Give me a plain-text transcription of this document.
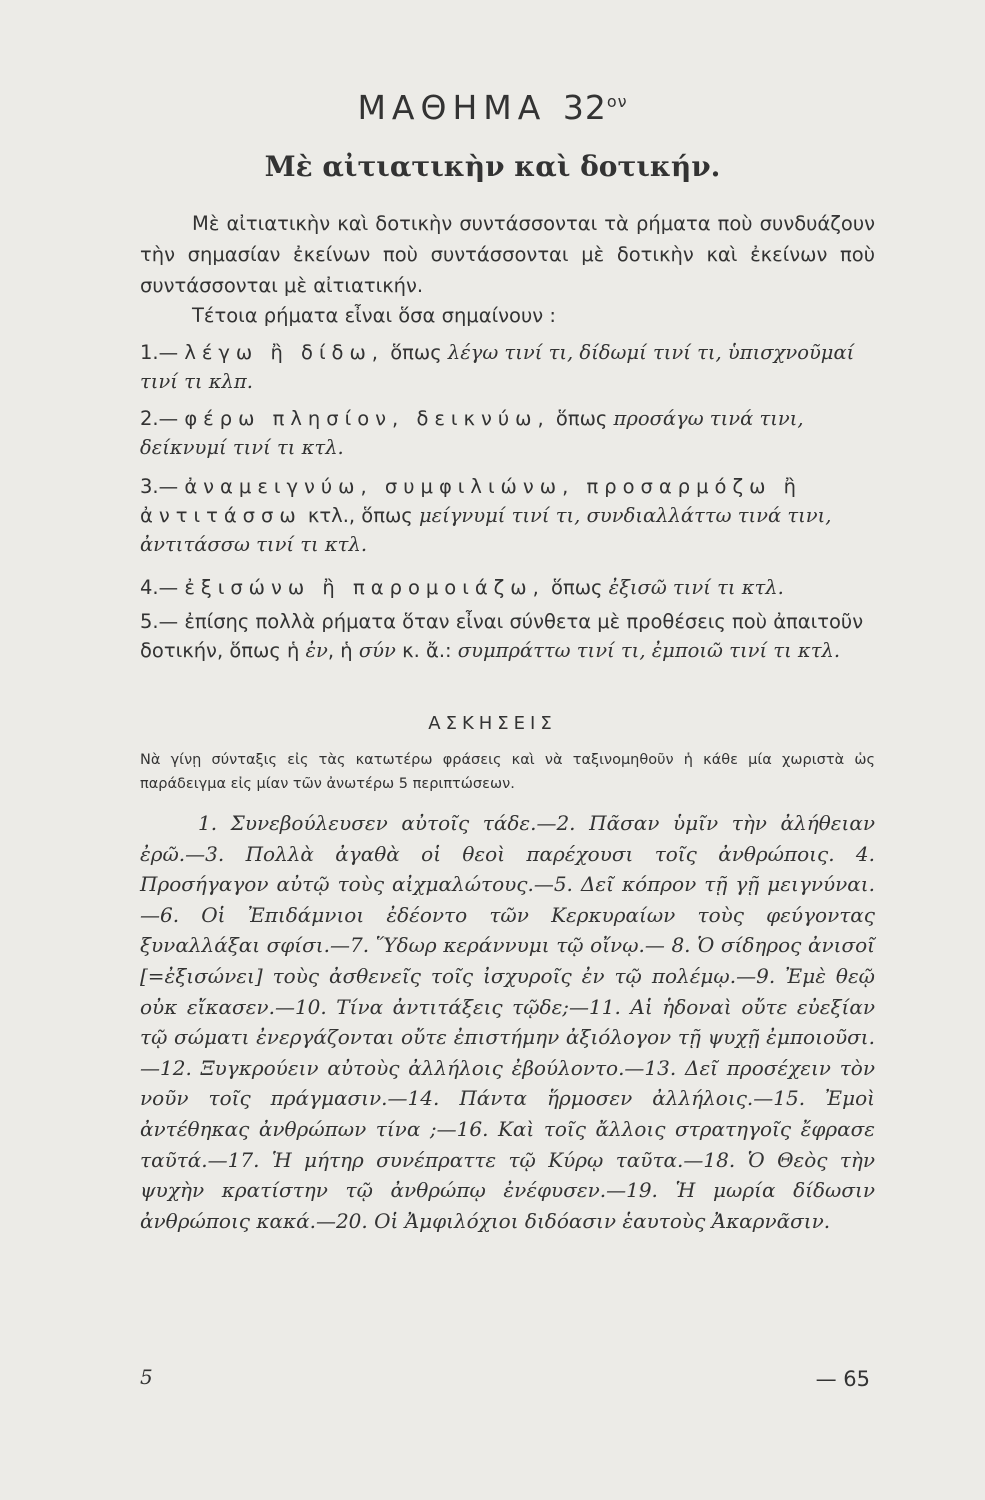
ΜΑΘΗΜΑ $32^{o\nu}$
Μὲ αἰτιατικὴν καὶ δοτικήν.
Μὲ αἰτιατικὴν καὶ δοτικὴν συντάσσονται τὰ ρήματα ποὺ συνδυάζουν τὴν σημασίαν ἐκείνων ποὺ συντάσσονται μὲ δοτικὴν καὶ ἐκείνων ποὺ συντάσσονται μὲ αἰτιατικήν.
Τέτοια ρήματα εἶναι ὅσα σημαίνουν :
1.— λέγω ἢ δίδω, ὅπως λέγω τινί τι, δίδωμί τινί τι, ὑπισχνοῦμαί τινί τι κλπ.
2.— φέρω πλησίον, δεικνύω, ὅπως προσάγω τινά τινι, δείκνυμί τινί τι κτλ.
3.— ἀναμειγνύω, συμφιλιώνω, προσαρμόζω ἢ ἀντιτάσσω κτλ., ὅπως μείγνυμί τινί τι, συνδιαλλάττω τινά τινι, ἀντιτάσσω τινί τι κτλ.
4.— ἐξισώνω ἢ παρομοιάζω, ὅπως ἐξισῶ τινί τι κτλ.
5.— ἐπίσης πολλὰ ρήματα ὅταν εἶναι σύνθετα μὲ προθέσεις ποὺ ἀπαιτοῦν δοτικήν, ὅπως ἡ ἐν, ἡ σύν κ. ἄ.: συμπράττω τινί τι, ἐμποιῶ τινί τι κτλ.
ΑΣΚΗΣΕΙΣ
Νὰ γίνῃ σύνταξις εἰς τὰς κατωτέρω φράσεις καὶ νὰ ταξινομηθοῦν ἡ κάθε μία χωριστὰ ὡς παράδειγμα εἰς μίαν τῶν ἀνωτέρω 5 περιπτώσεων.
1. Συνεβούλευσεν αὐτοῖς τάδε.—2. Πᾶσαν ὑμῖν τὴν ἀλήθειαν ἐρῶ.—3. Πολλὰ ἀγαθὰ οἱ θεοὶ παρέχουσι τοῖς ἀνθρώποις. 4. Προσήγαγον αὐτῷ τοὺς αἰχμαλώτους.—5. Δεῖ κόπρον τῇ γῇ μειγνύναι.—6. Οἱ Ἐπιδάμνιοι ἐδέοντο τῶν Κερκυραίων τοὺς φεύγοντας ξυναλλάξαι σφίσι.—7. Ὕδωρ κεράννυμι τῷ οἴνῳ.— 8. Ὁ σίδηρος ἀνισοῖ [=ἐξισώνει] τοὺς ἀσθενεῖς τοῖς ἰσχυροῖς ἐν τῷ πολέμῳ.—9. Ἐμὲ θεῷ οὐκ εἴκασεν.—10. Τίνα ἀντιτάξεις τῷδε;—11. Αἱ ἡδοναὶ οὔτε εὐεξίαν τῷ σώματι ἐνεργάζονται οὔτε ἐπιστήμην ἀξιόλογον τῇ ψυχῇ ἐμποιοῦσι.—12. Ξυγκρούειν αὐτοὺς ἀλλήλοις ἐβούλοντο.—13. Δεῖ προσέχειν τὸν νοῦν τοῖς πράγμασιν.—14. Πάντα ἥρμοσεν ἀλλήλοις.—15. Ἐμοὶ ἀντέθηκας ἀνθρώπων τίνα ;—16. Καὶ τοῖς ἄλλοις στρατηγοῖς ἔφρασε ταῦτά.—17. Ἡ μήτηρ συνέπραττε τῷ Κύρῳ ταῦτα.—18. Ὁ Θεὸς τὴν ψυχὴν κρατίστην τῷ ἀνθρώπῳ ἐνέφυσεν.—19. Ἡ μωρία δίδωσιν ἀνθρώποις κακά.—20. Οἱ Ἀμφιλόχιοι διδόασιν ἑαυτοὺς Ἀκαρνᾶσιν.
5	— 65
